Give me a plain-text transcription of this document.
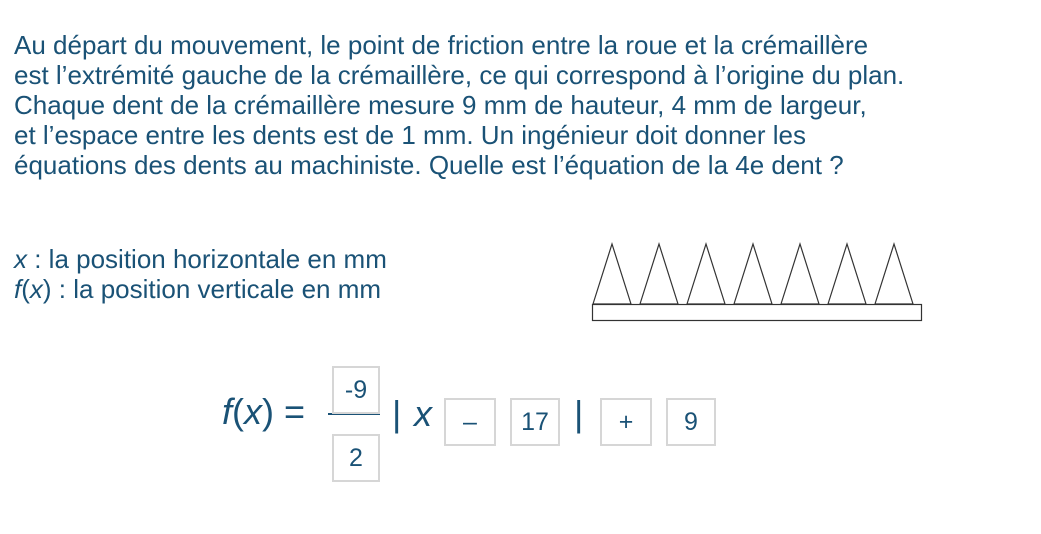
Au départ du mouvement, le point de friction entre la roue et la crémaillère
est l’extrémité gauche de la crémaillère, ce qui correspond à l’origine du plan.
Chaque dent de la crémaillère mesure 9 mm de hauteur, 4 mm de largeur,
et l’espace entre les dents est de 1 mm. Un ingénieur doit donner les
équations des dents au machiniste. Quelle est l’équation de la 4e dent ?
x : la position horizontale en mm
f(x) : la position verticale en mm
f(x) =
-9
2
| x	–	17 |	+	9
